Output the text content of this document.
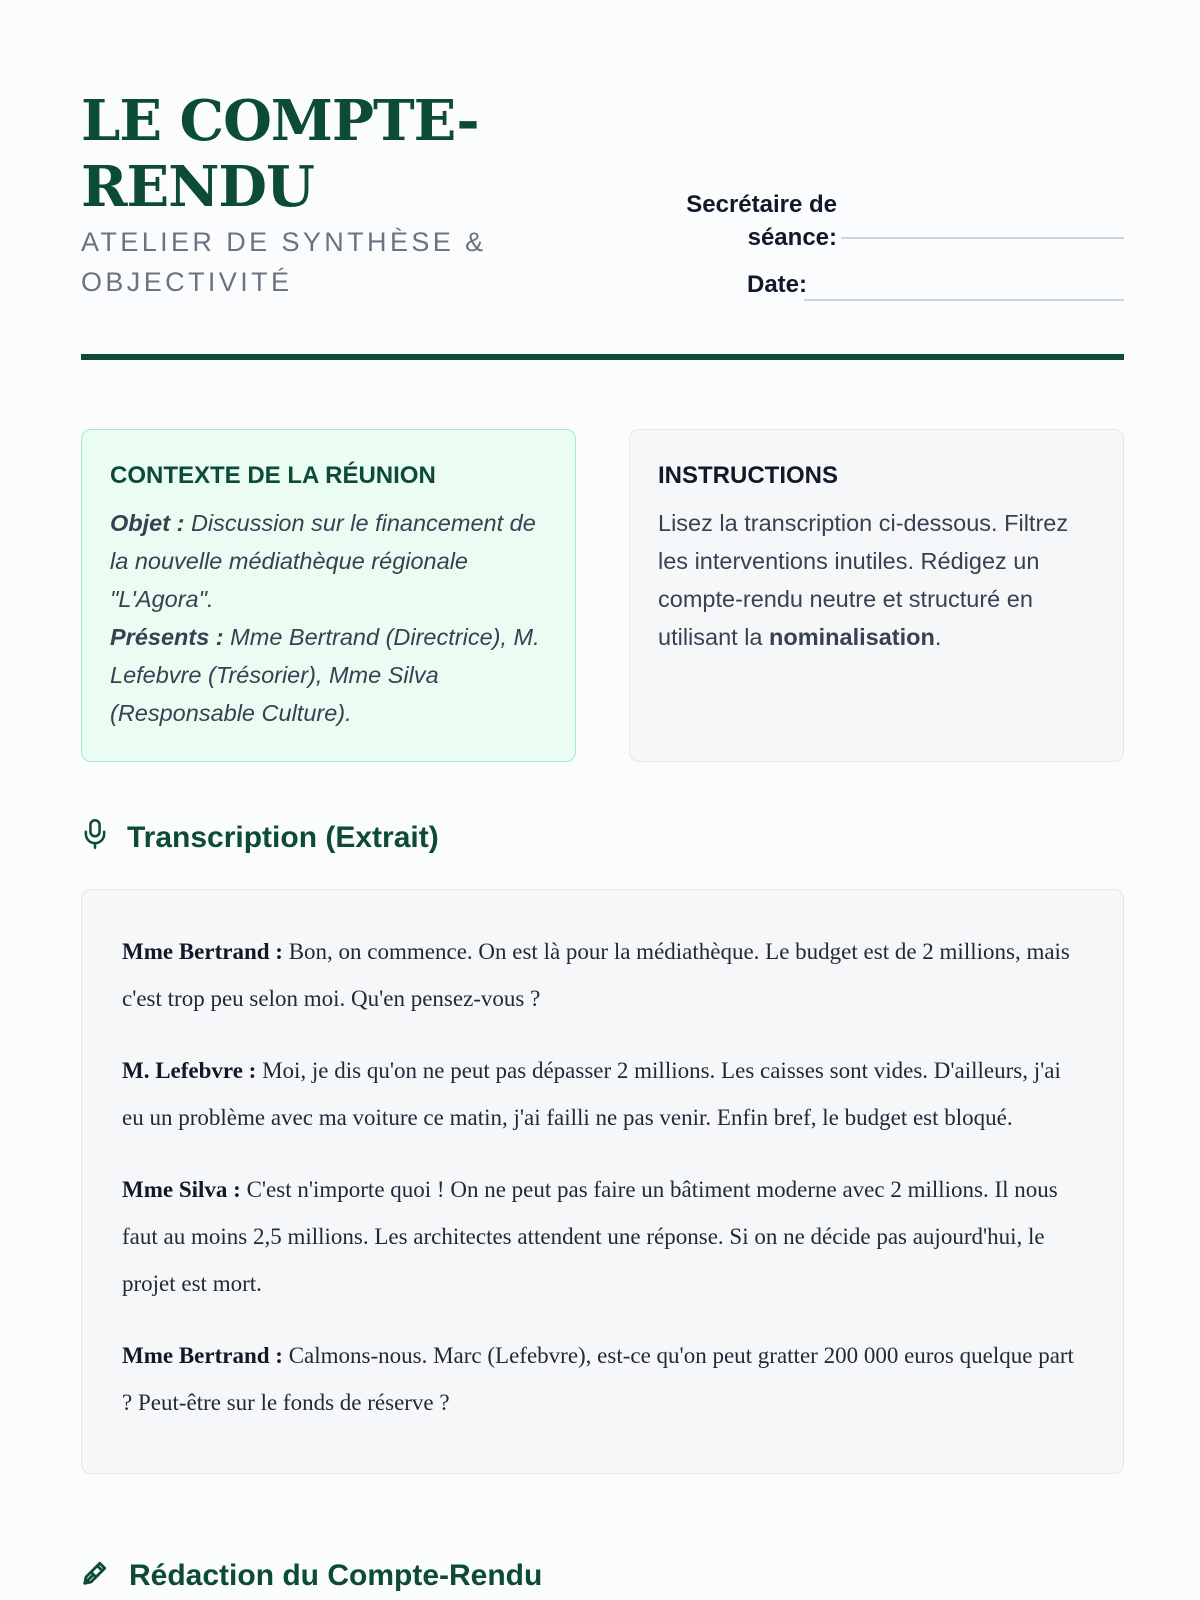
LE COMPTE-RENDU
ATELIER DE SYNTHÈSE & OBJECTIVITÉ
Secrétaire de séance:
Date:
CONTEXTE DE LA RÉUNION

Objet : Discussion sur le financement de la nouvelle médiathèque régionale "L'Agora".
Présents : Mme Bertrand (Directrice), M. Lefebvre (Trésorier), Mme Silva (Responsable Culture).

INSTRUCTIONS

Lisez la transcription ci-dessous. Filtrez les interventions inutiles. Rédigez un compte-rendu neutre et structuré en utilisant la nominalisation.

Transcription (Extrait)

Mme Bertrand : Bon, on commence. On est là pour la médiathèque. Le budget est de 2 millions, mais c'est trop peu selon moi. Qu'en pensez-vous ?

M. Lefebvre : Moi, je dis qu'on ne peut pas dépasser 2 millions. Les caisses sont vides. D'ailleurs, j'ai eu un problème avec ma voiture ce matin, j'ai failli ne pas venir. Enfin bref, le budget est bloqué.

Mme Silva : C'est n'importe quoi ! On ne peut pas faire un bâtiment moderne avec 2 millions. Il nous faut au moins 2,5 millions. Les architectes attendent une réponse. Si on ne décide pas aujourd'hui, le projet est mort.

Mme Bertrand : Calmons-nous. Marc (Lefebvre), est-ce qu'on peut gratter 200 000 euros quelque part ? Peut-être sur le fonds de réserve ?

Rédaction du Compte-Rendu
